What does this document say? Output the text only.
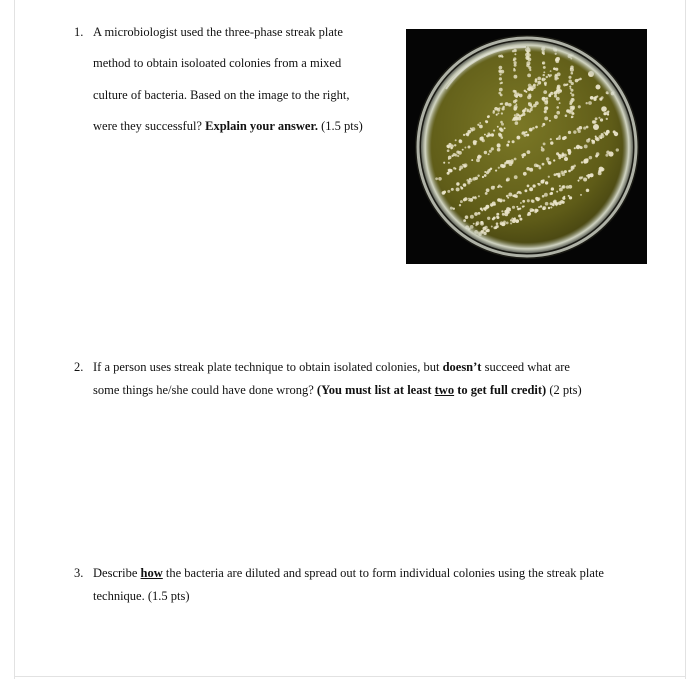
1. A microbiologist used the three-phase streak plate
method to obtain isoloated colonies from a mixed
culture of bacteria. Based on the image to the right,
were they successful? Explain your answer. (1.5 pts)
2. If a person uses streak plate technique to obtain isolated colonies, but doesn’t succeed what are
some things he/she could have done wrong? (You must list at least two to get full credit) (2 pts)
3. Describe how the bacteria are diluted and spread out to form individual colonies using the streak plate
technique. (1.5 pts)
